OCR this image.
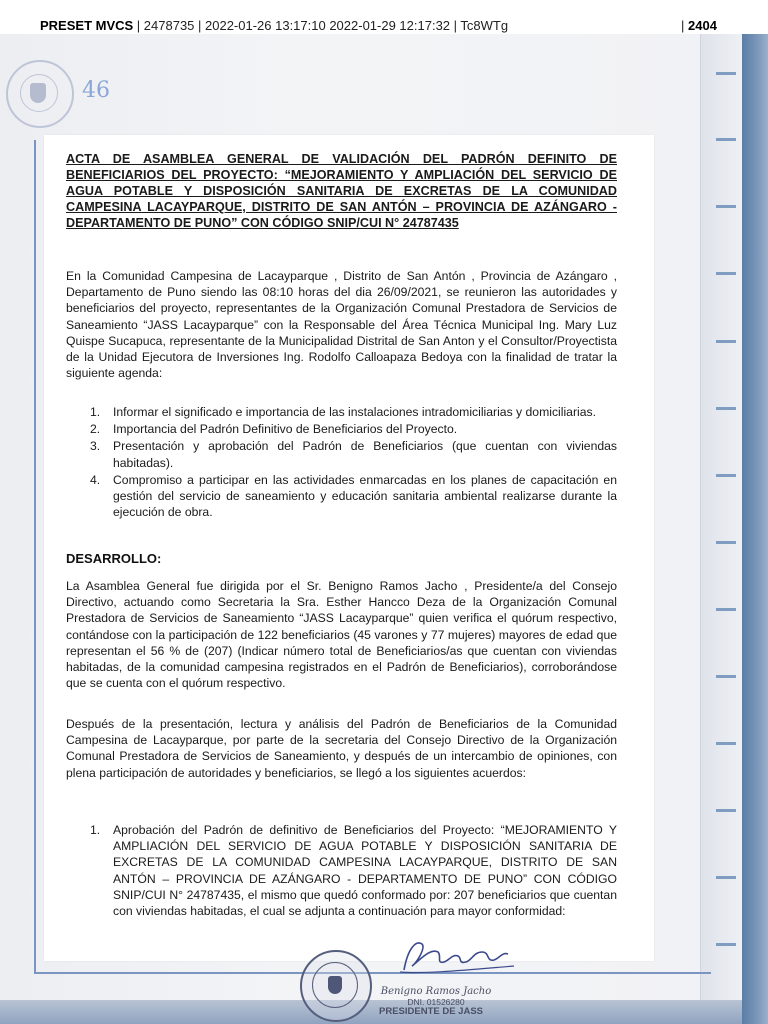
PRESET MVCS | 2478735 | 2022-01-26 13:17:10 2022-01-29 12:17:32 | Tc8WTg	| 2404
46
ACTA DE ASAMBLEA GENERAL DE VALIDACIÓN DEL PADRÓN DEFINITO DE BENEFICIARIOS DEL PROYECTO: “MEJORAMIENTO Y AMPLIACIÓN DEL SERVICIO DE AGUA POTABLE Y DISPOSICIÓN SANITARIA DE EXCRETAS DE LA COMUNIDAD CAMPESINA LACAYPARQUE, DISTRITO DE SAN ANTÓN – PROVINCIA DE AZÁNGARO - DEPARTAMENTO DE PUNO” CON CÓDIGO SNIP/CUI N° 24787435

En la Comunidad Campesina de Lacayparque , Distrito de San Antón , Provincia de Azángaro , Departamento de Puno siendo las 08:10 horas del dia 26/09/2021, se reunieron las autoridades y beneficiarios del proyecto, representantes de la Organización Comunal Prestadora de Servicios de Saneamiento “JASS Lacayparque” con la Responsable del Área Técnica Municipal Ing. Mary Luz Quispe Sucapuca, representante de la Municipalidad Distrital de San Anton y el Consultor/Proyectista de la Unidad Ejecutora de Inversiones Ing. Rodolfo Calloapaza Bedoya con la finalidad de tratar la siguiente agenda:

1. Informar el significado e importancia de las instalaciones intradomiciliarias y domiciliarias.
2. Importancia del Padrón Definitivo de Beneficiarios del Proyecto.
3. Presentación y aprobación del Padrón de Beneficiarios (que cuentan con viviendas habitadas).
4. Compromiso a participar en las actividades enmarcadas en los planes de capacitación en gestión del servicio de saneamiento y educación sanitaria ambiental realizarse durante la ejecución de obra.
DESARROLLO:

La Asamblea General fue dirigida por el Sr. Benigno Ramos Jacho , Presidente/a del Consejo Directivo, actuando como Secretaria la Sra. Esther Hancco Deza de la Organización Comunal Prestadora de Servicios de Saneamiento “JASS Lacayparque” quien verifica el quórum respectivo, contándose con la participación de 122 beneficiarios (45 varones y 77 mujeres) mayores de edad que representan el 56 % de (207) (Indicar número total de Beneficiarios/as que cuentan con viviendas habitadas, de la comunidad campesina registrados en el Padrón de Beneficiarios), corroborándose que se cuenta con el quórum respectivo.

Después de la presentación, lectura y análisis del Padrón de Beneficiarios de la Comunidad Campesina de Lacayparque, por parte de la secretaria del Consejo Directivo de la Organización Comunal Prestadora de Servicios de Saneamiento, y después de un intercambio de opiniones, con plena participación de autoridades y beneficiarios, se llegó a los siguientes acuerdos:

1.	Aprobación del Padrón de definitivo de Beneficiarios del Proyecto: “MEJORAMIENTO Y AMPLIACIÓN DEL SERVICIO DE AGUA POTABLE Y DISPOSICIÓN SANITARIA DE EXCRETAS DE LA COMUNIDAD CAMPESINA LACAYPARQUE, DISTRITO DE SAN ANTÓN – PROVINCIA DE AZÁNGARO - DEPARTAMENTO DE PUNO” CON CÓDIGO SNIP/CUI N° 24787435, el mismo que quedó conformado por: 207 beneficiarios que cuentan con viviendas habitadas, el cual se adjunta a continuación para mayor conformidad:
Benigno Ramos Jacho
DNI. 01526280
PRESIDENTE DE JASS
